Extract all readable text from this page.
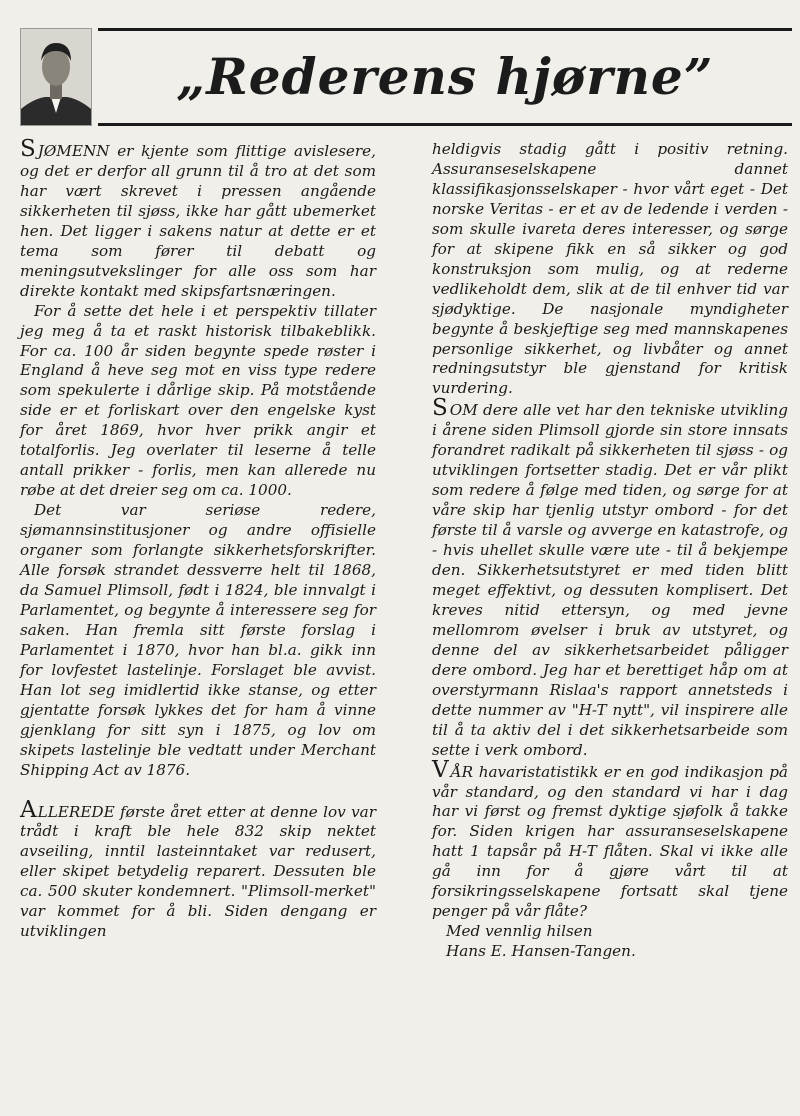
„Rederens hjørne”

SJØMENN er kjente som flittige avislesere, og det er derfor all grunn til å tro at det som har vært skrevet i pressen angående sikkerheten til sjøss, ikke har gått ubemerket hen. Det ligger i sakens natur at dette er et tema som fører til debatt og meningsutvekslinger for alle oss som har direkte kontakt med skipsfartsnæringen.

For å sette det hele i et perspektiv tillater jeg meg å ta et raskt historisk tilbakeblikk. For ca. 100 år siden begynte spede røster i England å heve seg mot en viss type redere som spekulerte i dårlige skip. På motstående side er et forliskart over den engelske kyst for året 1869, hvor hver prikk angir et totalforlis. Jeg overlater til leserne å telle antall prikker - forlis, men kan allerede nu røbe at det dreier seg om ca. 1000.

Det var seriøse redere, sjømannsinstitusjoner og andre offisielle organer som forlangte sikkerhetsforskrifter. Alle forsøk strandet dessverre helt til 1868, da Samuel Plimsoll, født i 1824, ble innvalgt i Parlamentet, og begynte å interessere seg for saken. Han fremla sitt første forslag i Parlamentet i 1870, hvor han bl.a. gikk inn for lovfestet lastelinje. Forslaget ble avvist. Han lot seg imidlertid ikke stanse, og etter gjentatte forsøk lykkes det for ham å vinne gjenklang for sitt syn i 1875, og lov om skipets lastelinje ble vedtatt under Merchant Shipping Act av 1876.

ALLEREDE første året etter at denne lov var trådt i kraft ble hele 832 skip nektet avseiling, inntil lasteinntaket var redusert, eller skipet betydelig reparert. Dessuten ble ca. 500 skuter kondemnert. "Plimsoll-merket" var kommet for å bli. Siden dengang er utviklingen

heldigvis stadig gått i positiv retning. Assuranseselskapene dannet klassifikasjonsselskaper - hvor vårt eget - Det norske Veritas - er et av de ledende i verden - som skulle ivareta deres interesser, og sørge for at skipene fikk en så sikker og god konstruksjon som mulig, og at rederne vedlikeholdt dem, slik at de til enhver tid var sjødyktige. De nasjonale myndigheter begynte å beskjeftige seg med mannskapenes personlige sikkerhet, og livbåter og annet redningsutstyr ble gjenstand for kritisk vurdering.

SOM dere alle vet har den tekniske utvikling i årene siden Plimsoll gjorde sin store innsats forandret radikalt på sikkerheten til sjøss - og utviklingen fortsetter stadig. Det er vår plikt som redere å følge med tiden, og sørge for at våre skip har tjenlig utstyr ombord - for det første til å varsle og avverge en katastrofe, og - hvis uhellet skulle være ute - til å bekjempe den. Sikkerhetsutstyret er med tiden blitt meget effektivt, og dessuten komplisert. Det kreves nitid ettersyn, og med jevne mellomrom øvelser i bruk av utstyret, og denne del av sikkerhetsarbeidet påligger dere ombord. Jeg har et berettiget håp om at overstyrmann Rislaa's rapport annetsteds i dette nummer av "H-T nytt", vil inspirere alle til å ta aktiv del i det sikkerhetsarbeide som sette i verk ombord.

VÅR havaristatistikk er en god indikasjon på vår standard, og den standard vi har i dag har vi først og fremst dyktige sjøfolk å takke for. Siden krigen har assuranseselskapene hatt 1 tapsår på H-T flåten. Skal vi ikke alle gå inn for å gjøre vårt til at forsikringsselskapene fortsatt skal tjene penger på vår flåte?

Med vennlig hilsen

Hans E. Hansen-Tangen.
